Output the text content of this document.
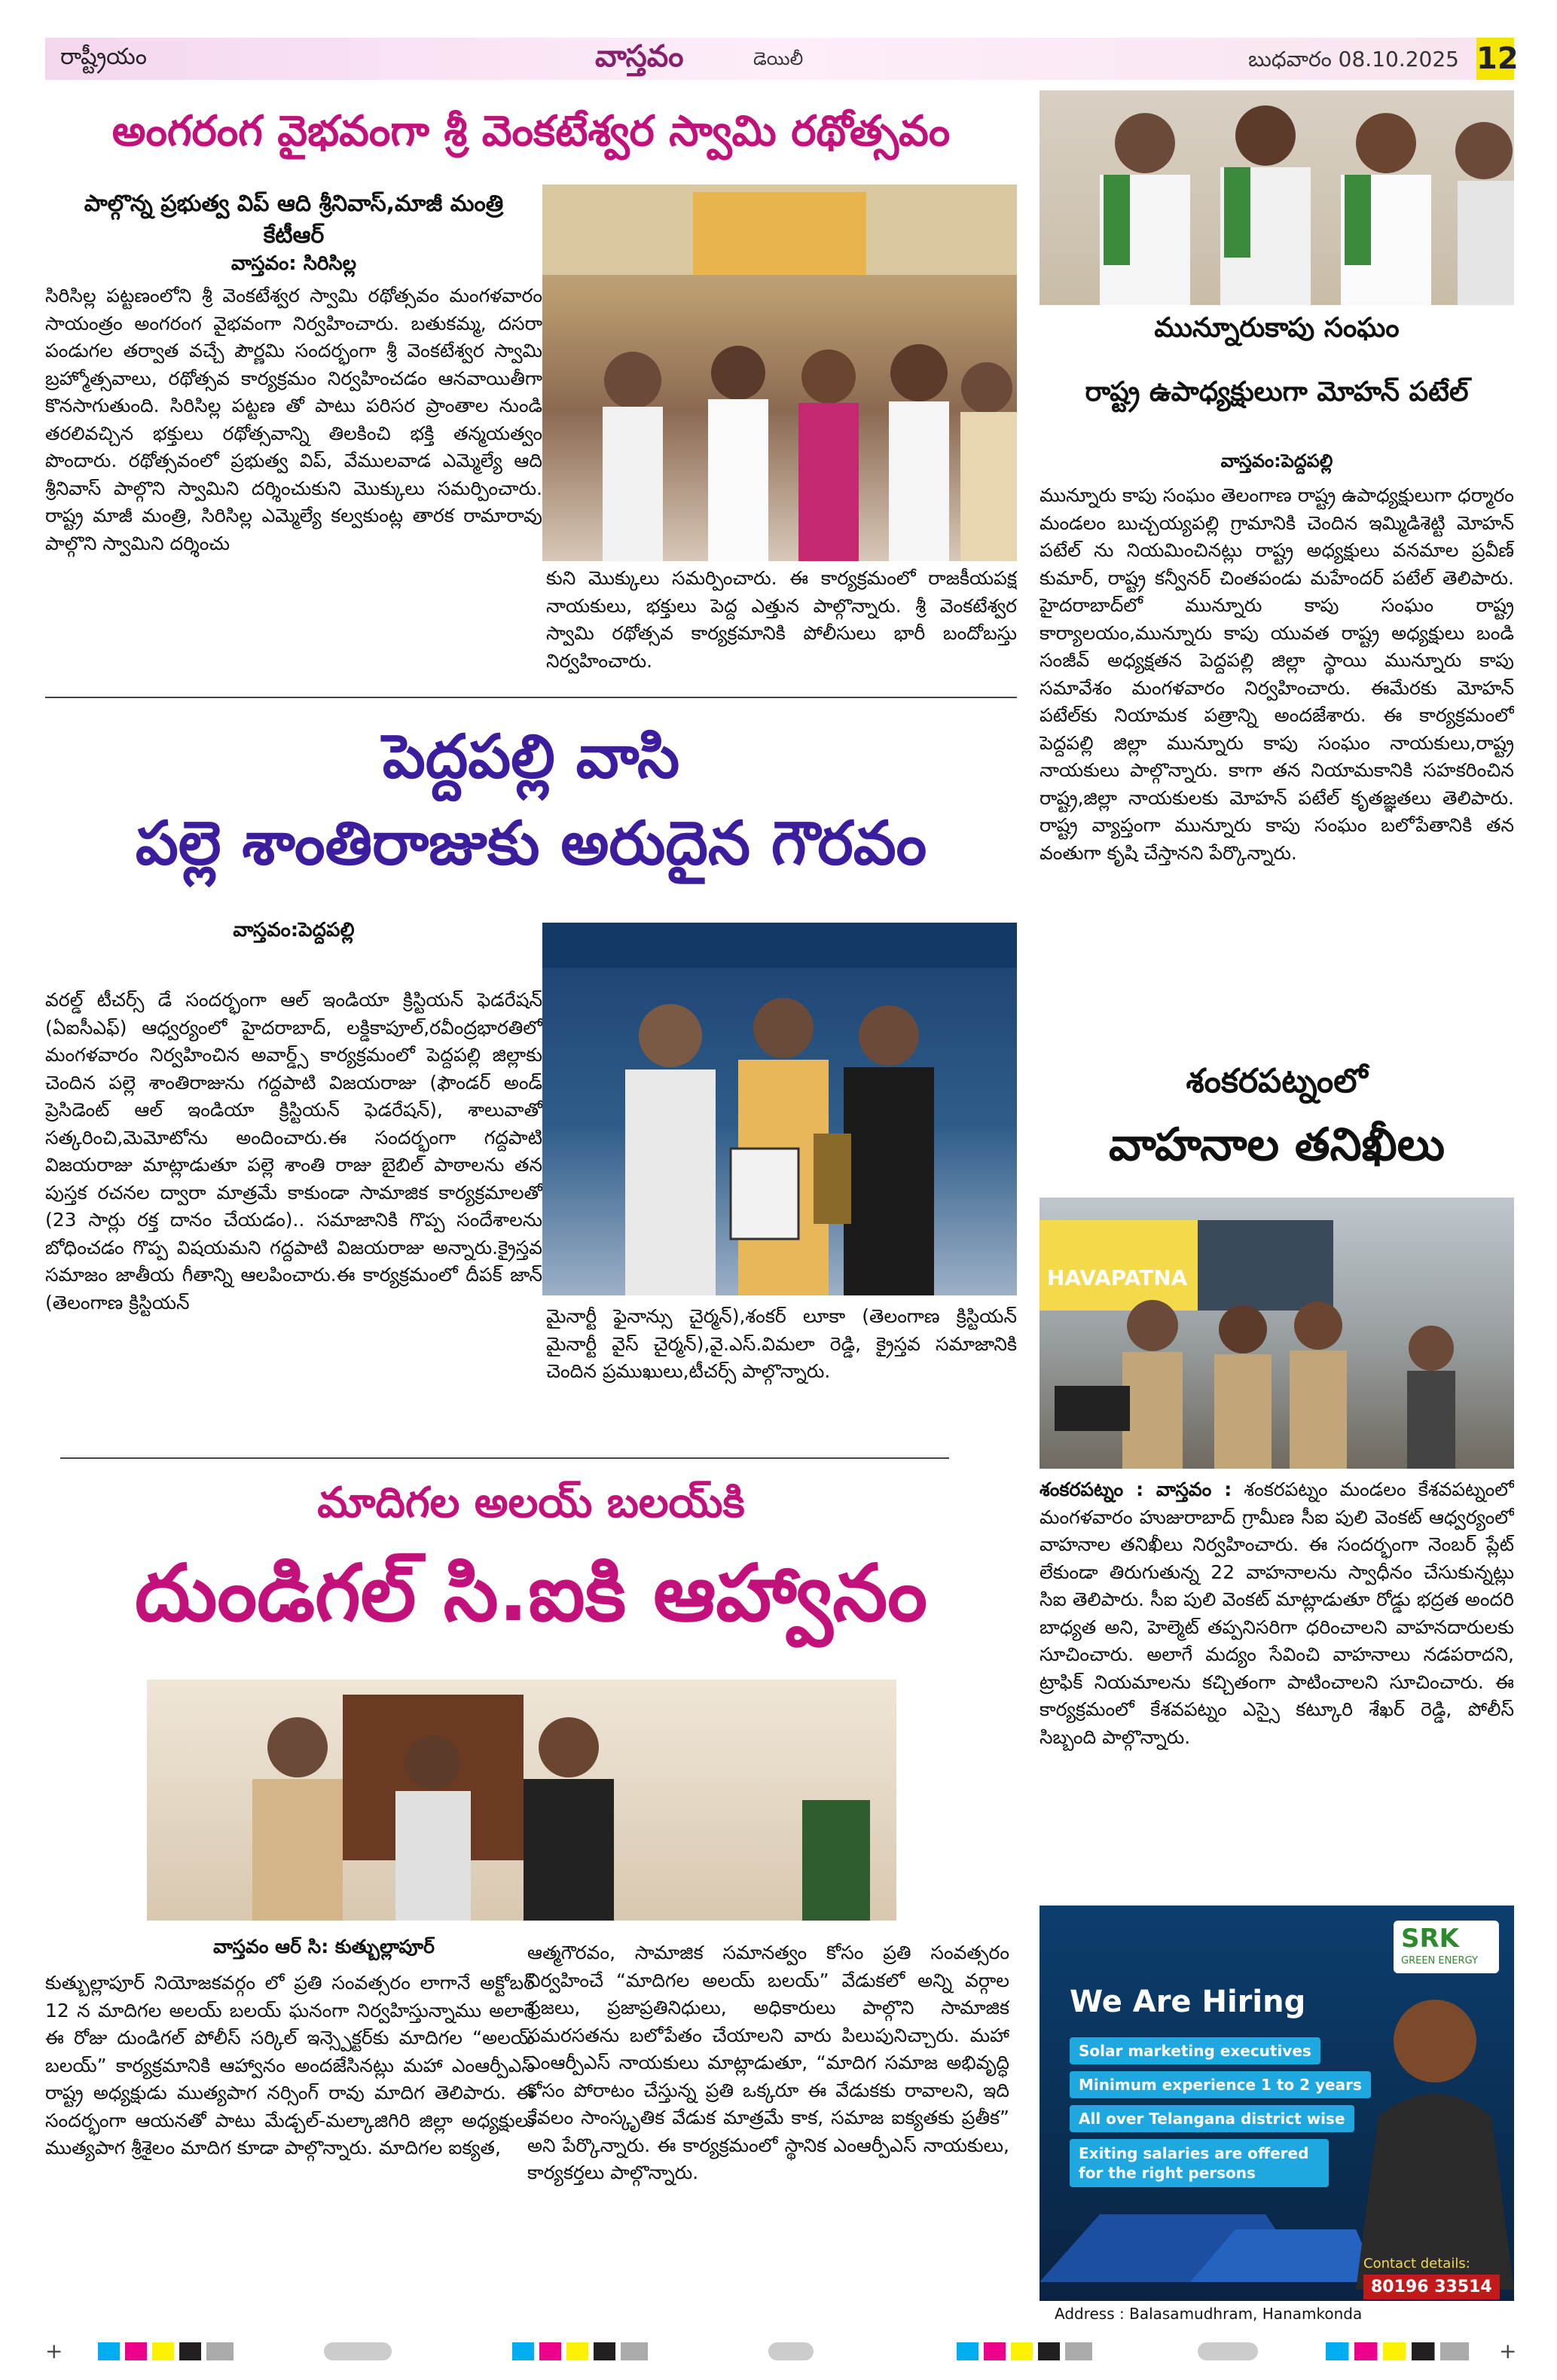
రాష్ట్రీయం	వాస్తవం	డెయిలీ	బుధవారం 08.10.2025 12
అంగరంగ వైభవంగా శ్రీ వెంకటేశ్వర స్వామి రథోత్సవం
పాల్గొన్న ప్రభుత్వ విప్ ఆది శ్రీనివాస్,మాజీ మంత్రి కేటీఆర్
వాస్తవం: సిరిసిల్ల
సిరిసిల్ల పట్టణంలోని శ్రీ వెంకటేశ్వర స్వామి రథోత్సవం మంగళవారం సాయంత్రం అంగరంగ వైభవంగా నిర్వహించారు. బతుకమ్మ, దసరా పండుగల తర్వాత వచ్చే పౌర్ణమి సందర్భంగా శ్రీ వెంకటేశ్వర స్వామి బ్రహ్మోత్సవాలు, రథోత్సవ కార్యక్రమం నిర్వహించడం ఆనవాయితీగా కొనసాగుతుంది. సిరిసిల్ల పట్టణ తో పాటు పరిసర ప్రాంతాల నుండి తరలివచ్చిన భక్తులు రథోత్సవాన్ని తిలకించి భక్తి తన్మయత్వం పొందారు. రథోత్సవంలో ప్రభుత్వ విప్, వేములవాడ ఎమ్మెల్యే ఆది శ్రీనివాస్ పాల్గొని స్వామిని దర్శించుకుని మొక్కులు సమర్పించారు. రాష్ట్ర మాజీ మంత్రి, సిరిసిల్ల ఎమ్మెల్యే కల్వకుంట్ల తారక రామారావు పాల్గొని స్వామిని దర్శించు
కుని మొక్కులు సమర్పించారు. ఈ కార్యక్రమంలో రాజకీయపక్ష నాయకులు, భక్తులు పెద్ద ఎత్తున పాల్గొన్నారు. శ్రీ వెంకటేశ్వర స్వామి రథోత్సవ కార్యక్రమానికి పోలీసులు భారీ బందోబస్తు నిర్వహించారు.
పెద్దపల్లి వాసి
పల్లె శాంతిరాజుకు అరుదైన గౌరవం
వాస్తవం:పెద్దపల్లి
వరల్డ్ టీచర్స్ డే సందర్భంగా ఆల్ ఇండియా క్రిస్టియన్ ఫెడరేషన్ (ఏఐసీఎఫ్) ఆధ్వర్యంలో హైదరాబాద్, లక్డికాపూల్,రవీంద్రభారతిలో మంగళవారం నిర్వహించిన అవార్డ్స్ కార్యక్రమంలో పెద్దపల్లి జిల్లాకు చెందిన పల్లె శాంతిరాజును గద్దపాటి విజయరాజు (ఫౌండర్ అండ్ ప్రెసిడెంట్ ఆల్ ఇండియా క్రిస్టియన్ ఫెడరేషన్), శాలువాతో సత్కరించి,మెమోటోను అందించారు.ఈ సందర్భంగా గద్దపాటి విజయరాజు మాట్లాడుతూ పల్లె శాంతి రాజు బైబిల్ పాఠాలను తన పుస్తక రచనల ద్వారా మాత్రమే కాకుండా సామాజిక కార్యక్రమాలతో (23 సార్లు రక్త దానం చేయడం).. సమాజానికి గొప్ప సందేశాలను బోధించడం గొప్ప విషయమని గద్దపాటి విజయరాజు అన్నారు.క్రైస్తవ సమాజం జాతీయ గీతాన్ని ఆలపించారు.ఈ కార్యక్రమంలో దీపక్ జాన్ (తెలంగాణ క్రిస్టియన్
మైనార్టీ ఫైనాన్సు చైర్మన్),శంకర్ లూకా (తెలంగాణ క్రిస్టియన్ మైనార్టీ వైస్ చైర్మన్),వై.ఎస్.విమలా రెడ్డి, క్రైస్తవ సమాజానికి చెందిన ప్రముఖులు,టీచర్స్ పాల్గొన్నారు.
మాదిగల అలయ్ బలయ్‌కి
దుండిగల్ సి.ఐకి ఆహ్వానం
వాస్తవం ఆర్ సి: కుత్బుల్లాపూర్
కుత్బుల్లాపూర్ నియోజకవర్గం లో ప్రతి సంవత్సరం లాగానే అక్టోబర్ 12 న మాదిగల అలయ్ బలయ్ ఘనంగా నిర్వహిస్తున్నాము అలాగే ఈ రోజు దుండిగల్ పోలీస్ సర్కిల్ ఇన్స్పెక్టర్‌కు మాదిగల “అలయ్ బలయ్” కార్యక్రమానికి ఆహ్వానం అందజేసినట్లు మహా ఎంఆర్పీఎస్ రాష్ట్ర అధ్యక్షుడు ముత్యపాగ నర్సింగ్ రావు మాదిగ తెలిపారు. ఈ సందర్భంగా ఆయనతో పాటు మేడ్చల్-మల్కాజిగిరి జిల్లా అధ్యక్షులు ముత్యపాగ శ్రీశైలం మాదిగ కూడా పాల్గొన్నారు. మాదిగల ఐక్యత,
ఆత్మగౌరవం, సామాజిక సమానత్వం కోసం ప్రతి సంవత్సరం నిర్వహించే “మాదిగల అలయ్ బలయ్” వేడుకలో అన్ని వర్గాల ప్రజలు, ప్రజాప్రతినిధులు, అధికారులు పాల్గొని సామాజిక సమరసతను బలోపేతం చేయాలని వారు పిలుపునిచ్చారు. మహా ఎంఆర్పీఎస్ నాయకులు మాట్లాడుతూ, “మాదిగ సమాజ అభివృద్ధి కోసం పోరాటం చేస్తున్న ప్రతి ఒక్కరూ ఈ వేడుకకు రావాలని, ఇది కేవలం సాంస్కృతిక వేడుక మాత్రమే కాక, సమాజ ఐక్యతకు ప్రతీక” అని పేర్కొన్నారు. ఈ కార్యక్రమంలో స్థానిక ఎంఆర్పీఎస్ నాయకులు, కార్యకర్తలు పాల్గొన్నారు.
మున్నూరుకాపు సంఘం
రాష్ట్ర ఉపాధ్యక్షులుగా మోహన్ పటేల్
వాస్తవం:పెద్దపల్లి
మున్నూరు కాపు సంఘం తెలంగాణ రాష్ట్ర ఉపాధ్యక్షులుగా ధర్మారం మండలం బుచ్చయ్యపల్లి గ్రామానికి చెందిన ఇమ్మిడిశెట్టి మోహన్ పటేల్ ను నియమించినట్లు రాష్ట్ర అధ్యక్షులు వనమాల ప్రవీణ్ కుమార్, రాష్ట్ర కన్వీనర్ చింతపండు మహేందర్ పటేల్ తెలిపారు. హైదరాబాద్‌లో మున్నూరు కాపు సంఘం రాష్ట్ర కార్యాలయం,మున్నూరు కాపు యువత రాష్ట్ర అధ్యక్షులు బండి సంజీవ్ అధ్యక్షతన పెద్దపల్లి జిల్లా స్థాయి మున్నూరు కాపు సమావేశం మంగళవారం నిర్వహించారు. ఈమేరకు మోహన్ పటేల్‌కు నియామక పత్రాన్ని అందజేశారు. ఈ కార్యక్రమంలో పెద్దపల్లి జిల్లా మున్నూరు కాపు సంఘం నాయకులు,రాష్ట్ర నాయకులు పాల్గొన్నారు. కాగా తన నియామకానికి సహకరించిన రాష్ట్ర,జిల్లా నాయకులకు మోహన్ పటేల్ కృతజ్ఞతలు తెలిపారు. రాష్ట్ర వ్యాప్తంగా మున్నూరు కాపు సంఘం బలోపేతానికి తన వంతుగా కృషి చేస్తానని పేర్కొన్నారు.
శంకరపట్నంలో
వాహనాల తనిఖీలు
HAVAPATNA
శంకరపట్నం : వాస్తవం : శంకరపట్నం మండలం కేశవపట్నంలో మంగళవారం హుజురాబాద్ గ్రామీణ సీఐ పులి వెంకట్ ఆధ్వర్యంలో వాహనాల తనిఖీలు నిర్వహించారు. ఈ సందర్భంగా నెంబర్ ప్లేట్ లేకుండా తిరుగుతున్న 22 వాహనాలను స్వాధీనం చేసుకున్నట్లు సిఐ తెలిపారు. సీఐ పులి వెంకట్ మాట్లాడుతూ రోడ్డు భద్రత అందరి బాధ్యత అని, హెల్మెట్ తప్పనిసరిగా ధరించాలని వాహనదారులకు సూచించారు. అలాగే మద్యం సేవించి వాహనాలు నడపరాదని, ట్రాఫిక్ నియమాలను కచ్చితంగా పాటించాలని సూచించారు. ఈ కార్యక్రమంలో కేశవపట్నం ఎస్సై కట్కూరి శేఖర్ రెడ్డి, పోలీస్ సిబ్బంది పాల్గొన్నారు.
SRK
GREEN ENERGY
We Are Hiring
Solar marketing executives
Minimum experience 1 to 2 years
All over Telangana district wise
Exiting salaries are offered for the right persons
Contact details:
80196 33514
Address : Balasamudhram, Hanamkonda
+	+
